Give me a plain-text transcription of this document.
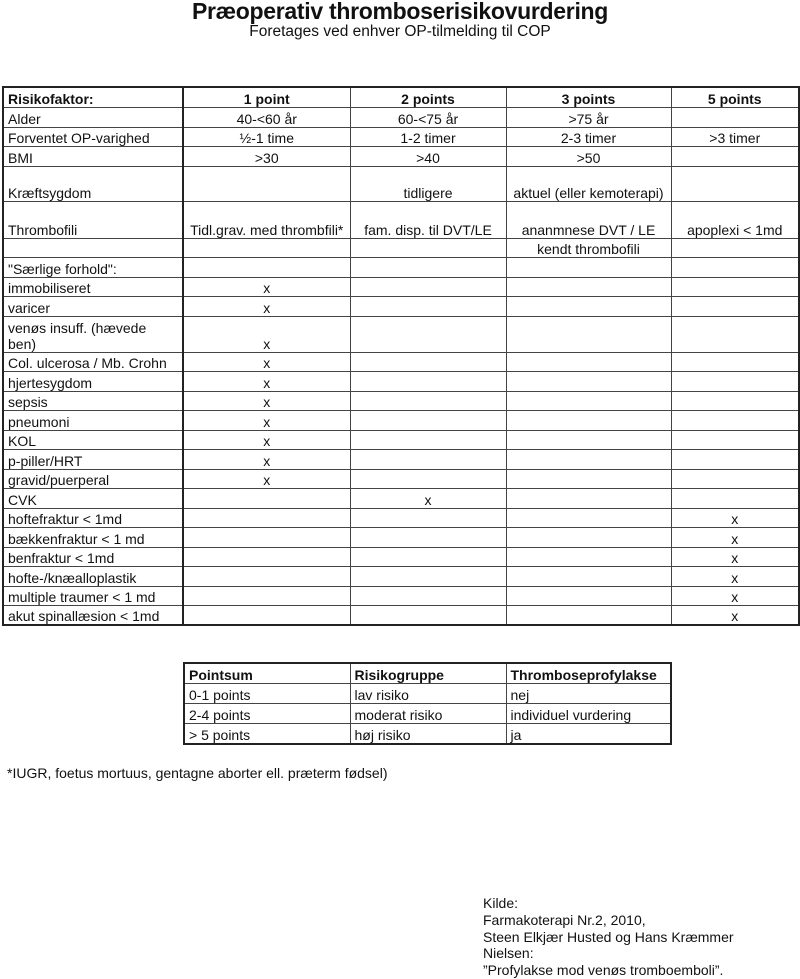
Præoperativ thromboserisikovurdering
Foretages ved enhver OP-tilmelding til COP
Risikofaktor:	1 point	2 points	3 points	5 points
Alder	40-<60 år	60-<75 år	>75 år	
Forventet OP-varighed	½-1 time	1-2 timer	2-3 timer	>3 timer
BMI	>30	>40	>50	
Kræftsygdom		tidligere	aktuel (eller kemoterapi)	
Thrombofili	Tidl.grav. med thrombfili*	fam. disp. til DVT/LE	ananmnese DVT / LE	apoplexi < 1md
			kendt thrombofili	
"Særlige forhold":				
immobiliseret	x			
varicer	x			
venøs insuff. (hævede ben)	x			
Col. ulcerosa / Mb. Crohn	x			
hjertesygdom	x			
sepsis	x			
pneumoni	x			
KOL	x			
p-piller/HRT	x			
gravid/puerperal	x			
CVK		x		
hoftefraktur < 1md				x
bækkenfraktur < 1 md				x
benfraktur < 1md				x
hofte-/knæalloplastik				x
multiple traumer < 1 md				x
akut spinallæsion < 1md				x
Pointsum	Risikogruppe	Thromboseprofylakse
0-1 points	lav risiko	nej
2-4 points	moderat risiko	individuel vurdering
> 5 points	høj risiko	ja
*IUGR, foetus mortuus, gentagne aborter ell. præterm fødsel)
Kilde:
Farmakoterapi Nr.2, 2010,
Steen Elkjær Husted og Hans Kræmmer
Nielsen:
”Profylakse mod venøs tromboemboli”.
